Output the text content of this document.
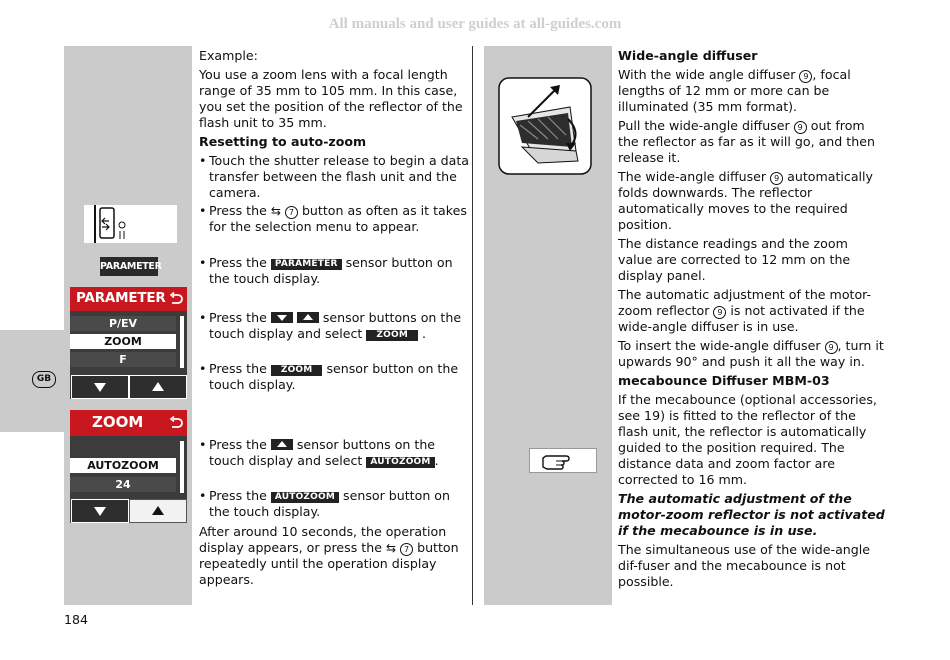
All manuals and user guides at all-guides.com
GB
PARAMETER
PARAMETER
P/EV
ZOOM
F
ZOOM
AUTOZOOM
24

Example:

You use a zoom lens with a focal length range of 35 mm to 105 mm. In this case, you set the position of the reflector of the flash unit to 35 mm.

Resetting to auto-zoom

• Touch the shutter release to begin a data transfer between the flash unit and the camera.
• Press the ⇆ 7 button as often as it takes for the selection menu to appear.
• Press the PARAMETER sensor button on the touch display.
• Press the
	sensor buttons on the touch display and select ZOOM .
• Press the ZOOM sensor button on the touch display.
• Press the sensor buttons on the touch display and select AUTOZOOM .
• Press the AUTOZOOM sensor button on the touch display.
After around 10 seconds, the operation display appears, or press the ⇆ 7 button repeatedly until the operation display appears.

Wide-angle diffuser

With the wide angle diffuser 9 , focal lengths of 12 mm or more can be illuminated (35 mm format).

Pull the wide-angle diffuser 9 out from the reflector as far as it will go, and then release it.

The wide-angle diffuser 9 automatically folds downwards. The reflector automatically moves to the required position.

The distance readings and the zoom value are corrected to 12 mm on the display panel.

The automatic adjustment of the motor-zoom reflector 9 is not activated if the wide-angle diffuser is in use.

To insert the wide-angle diffuser 9 , turn it upwards 90° and push it all the way in.

mecabounce Diffuser MBM-03

If the mecabounce (optional accessories, see 19) is fitted to the reflector of the flash unit, the reflector is automatically guided to the position required. The distance data and zoom factor are corrected to 16 mm.

The automatic adjustment of the motor-zoom reflector is not activated if the mecabounce is in use.

The simultaneous use of the wide-angle dif-fuser and the mecabounce is not possible.

184
